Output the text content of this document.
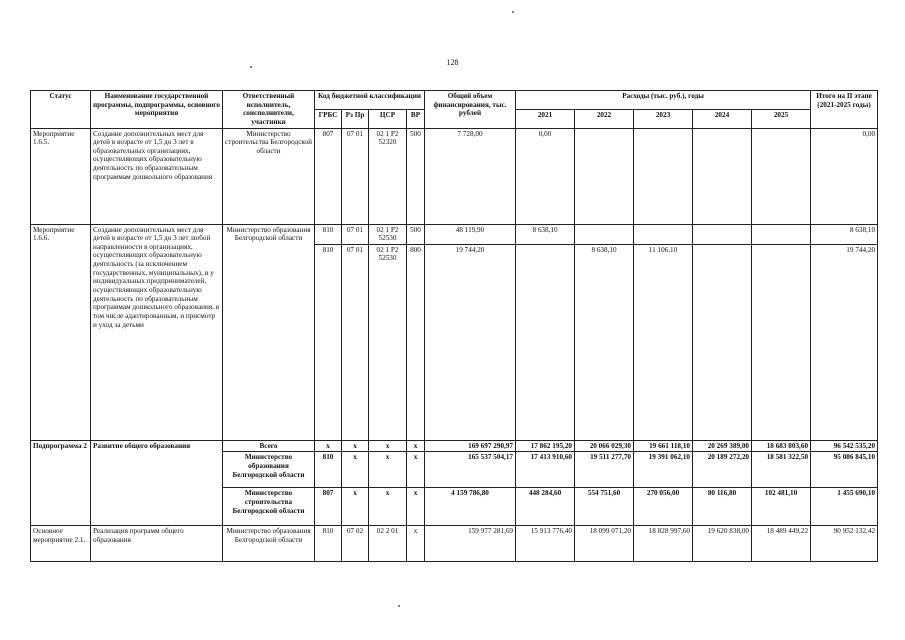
128
Статус	Наименование государственной программы, подпрограммы, основного мероприятия	Ответственный исполнитель, соисполнители, участники	Код бюджетной классификации				Общий объем финансирования, тыс. рублей	Расходы (тыс. руб.), годы					Итого на II этапе (2021-2025 годы)
			ГРБС	Рз Пр	ЦСР	ВР		2021	2022	2023	2024	2025	
Мероприятие 1.6.5.	Создание дополнительных мест для детей в возрасте от 1,5 до 3 лет в образовательных организациях, осуществляющих образовательную деятельность по образовательным программам дошкольного образования	Министерство строительства Белгородской области	807	07 01	02 1 Р2 52320	500	7 728,00	0,00					0,00
Мероприятие 1.6.6.	Создание дополнительных мест для детей в возрасте от 1,5 до 3 лет любой направленности в организациях, осуществляющих образовательную деятельность (за исключением государственных, муниципальных), и у индивидуальных предпринимателей, осуществляющих образовательную деятельность по образовательным программам дошкольного образования, в том числе адаптированным, и присмотр и уход за детьми	Министерство образования Белгородской области	810	07 01	02 1 Р2 52530	500	48 119,90	8 638,10					8 638,10
			810	07 01	02 1 Р2 52530	800	19 744,20		8 638,10	11 106,10			19 744,20
Подпрограмма 2	Развитие общего образования	Всего	x	x	x	x	169 697 290,97	17 862 195,20	20 066 029,30	19 661 118,10	20 269 389,00	18 683 803,60	96 542 535,20
		Министерство образования Белгородской области	810	x	x	x	165 537 504,17	17 413 910,60	19 511 277,70	19 391 062,10	20 189 272,20	18 581 322,50	95 086 845,10
		Министерство строительства Белгородской области	807	x	x	x	4 159 786,80	448 284,60	554 751,60	270 056,00	80 116,80	102 481,10	1 455 690,10
Основное мероприятие 2.1.	Реализация программ общего образования	Министерство образования Белгородской области	810	07 02	02 2 01	x	159 977 281,69	15 913 776,40	18 099 071,20	18 828 997,60	19 620 838,00	18 489 449,22	90 952 132,42
